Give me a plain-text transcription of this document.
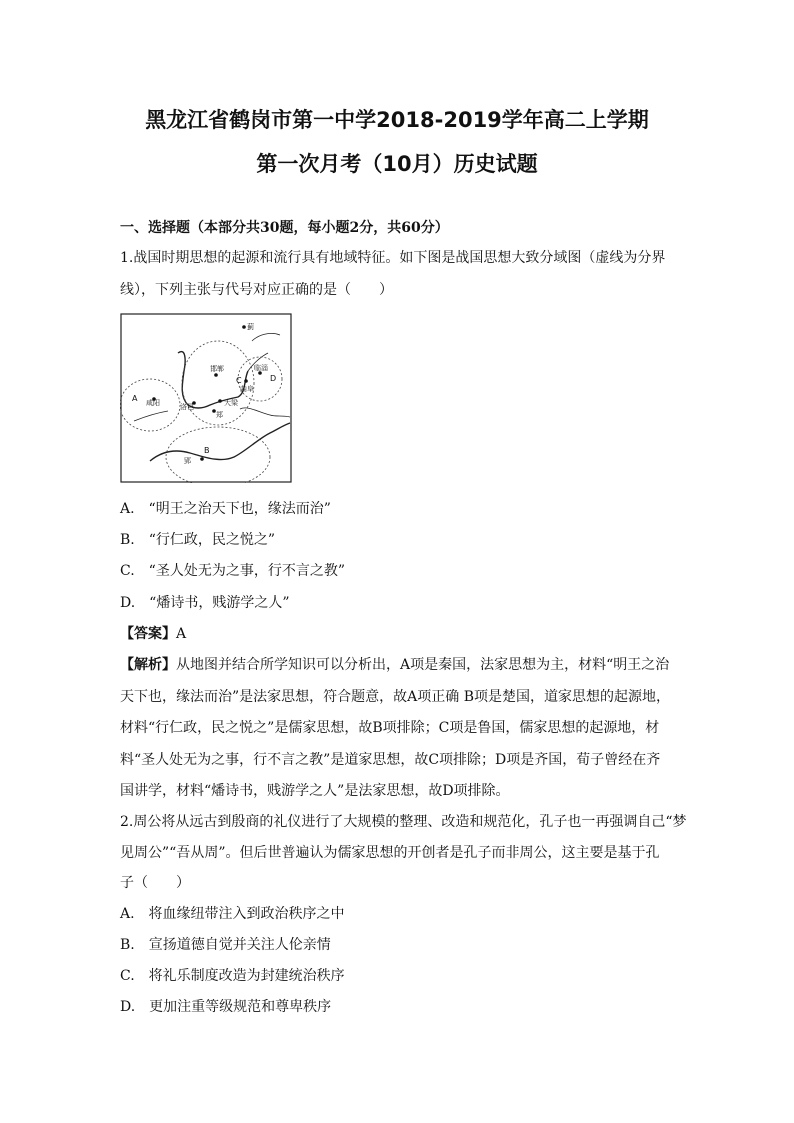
黑龙江省鹤岗市第一中学2018-2019学年高二上学期
第一次月考（10月）历史试题
一、选择题（本部分共30题，每小题2分，共60分）
1.战国时期思想的起源和流行具有地域特征。如下图是战国思想大致分域图（虚线为分界
线），下列主张与代号对应正确的是（　　）
A 咸阳	洛邑
邯郸
大梁
郑
临淄
曲阜
蓟
郢
C	D
B
A.　“明王之治天下也，缘法而治”
B.　“行仁政，民之悦之”
C.　“圣人处无为之事，行不言之教”
D.　“燔诗书，贱游学之人”
【答案】A
【解析】从地图并结合所学知识可以分析出，A项是秦国，法家思想为主，材料“明王之治
天下也，缘法而治”是法家思想，符合题意，故A项正确 B项是楚国，道家思想的起源地，
材料“行仁政，民之悦之”是儒家思想，故B项排除；C项是鲁国，儒家思想的起源地，材
料“圣人处无为之事，行不言之教”是道家思想，故C项排除；D项是齐国，荀子曾经在齐
国讲学，材料“燔诗书，贱游学之人”是法家思想，故D项排除。
2.周公将从远古到殷商的礼仪进行了大规模的整理、改造和规范化，孔子也一再强调自己“梦
见周公”“吾从周”。但后世普遍认为儒家思想的开创者是孔子而非周公，这主要是基于孔
子（　　）
A.　将血缘纽带注入到政治秩序之中
B.　宣扬道德自觉并关注人伦亲情
C.　将礼乐制度改造为封建统治秩序
D.　更加注重等级规范和尊卑秩序
